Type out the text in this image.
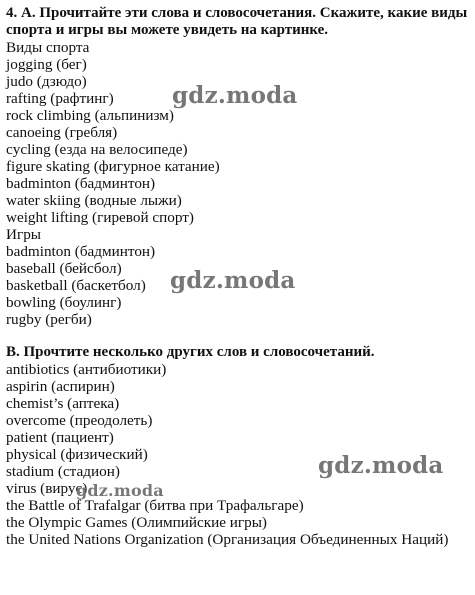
4. А. Прочитайте эти слова и словосочетания. Скажите, какие виды
спорта и игры вы можете увидеть на картинке.
Виды спорта
jogging (бег)
judo (дзюдо)
rafting (рафтинг)
rock climbing (альпинизм)
canoeing (гребля)
cycling (езда на велосипеде)
figure skating (фигурное катание)
badminton (бадминтон)
water skiing (водные лыжи)
weight lifting (гиревой спорт)
Игры
badminton (бадминтон)
baseball (бейсбол)
basketball (баскетбол)
bowling (боулинг)
rugby (регби)
B. Прочтите несколько других слов и словосочетаний.
antibiotics (антибиотики)
aspirin (аспирин)
chemist’s (аптека)
overcome (преодолеть)
patient (пациент)
physical (физический)
stadium (стадион)
virus (вирус)
the Battle of Trafalgar (битва при Трафальгаре)
the Olympic Games (Олимпийские игры)
the United Nations Organization (Организация Объединенных Наций)
gdz.moda
gdz.moda
gdz.moda
gdz.moda
